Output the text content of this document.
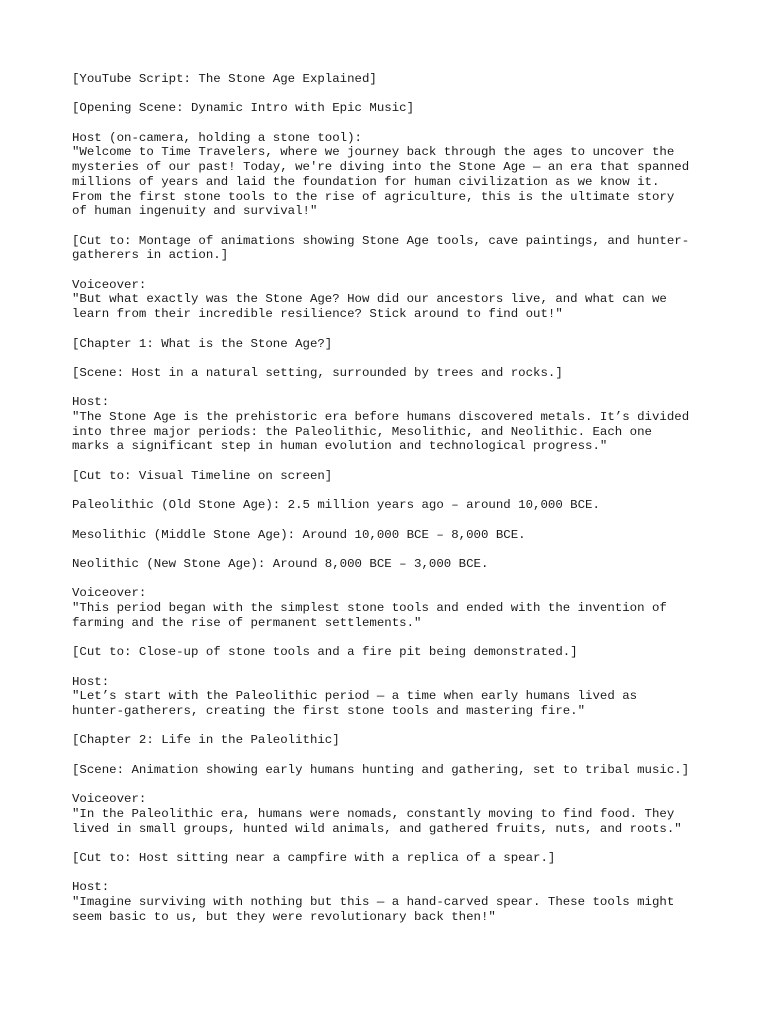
[YouTube Script: The Stone Age Explained]
[Opening Scene: Dynamic Intro with Epic Music]
Host (on-camera, holding a stone tool):
"Welcome to Time Travelers, where we journey back through the ages to uncover the
mysteries of our past! Today, we're diving into the Stone Age — an era that spanned
millions of years and laid the foundation for human civilization as we know it.
From the first stone tools to the rise of agriculture, this is the ultimate story
of human ingenuity and survival!"
[Cut to: Montage of animations showing Stone Age tools, cave paintings, and hunter-
gatherers in action.]
Voiceover:
"But what exactly was the Stone Age? How did our ancestors live, and what can we
learn from their incredible resilience? Stick around to find out!"
[Chapter 1: What is the Stone Age?]
[Scene: Host in a natural setting, surrounded by trees and rocks.]
Host:
"The Stone Age is the prehistoric era before humans discovered metals. It’s divided
into three major periods: the Paleolithic, Mesolithic, and Neolithic. Each one
marks a significant step in human evolution and technological progress."
[Cut to: Visual Timeline on screen]
Paleolithic (Old Stone Age): 2.5 million years ago – around 10,000 BCE.
Mesolithic (Middle Stone Age): Around 10,000 BCE – 8,000 BCE.
Neolithic (New Stone Age): Around 8,000 BCE – 3,000 BCE.
Voiceover:
"This period began with the simplest stone tools and ended with the invention of
farming and the rise of permanent settlements."
[Cut to: Close-up of stone tools and a fire pit being demonstrated.]
Host:
"Let’s start with the Paleolithic period — a time when early humans lived as
hunter-gatherers, creating the first stone tools and mastering fire."
[Chapter 2: Life in the Paleolithic]
[Scene: Animation showing early humans hunting and gathering, set to tribal music.]
Voiceover:
"In the Paleolithic era, humans were nomads, constantly moving to find food. They
lived in small groups, hunted wild animals, and gathered fruits, nuts, and roots."
[Cut to: Host sitting near a campfire with a replica of a spear.]
Host:
"Imagine surviving with nothing but this — a hand-carved spear. These tools might
seem basic to us, but they were revolutionary back then!"
